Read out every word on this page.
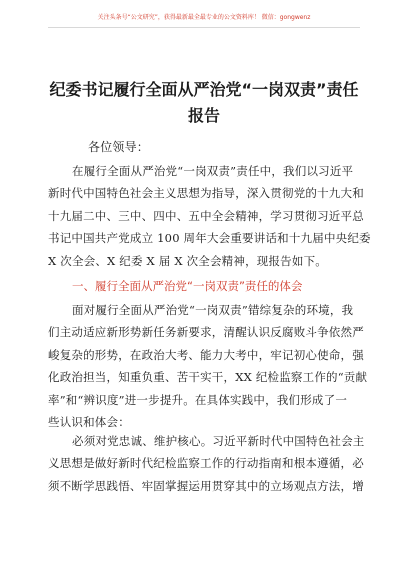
关注头条号“公文研究”，获得最新最全最专业的公文资料库！ 微信：gongwenz
纪委书记履行全面从严治党“一岗双责”责任
报告
各位领导：
在履行全面从严治党“一岗双责”责任中，我们以习近平
新时代中国特色社会主义思想为指导，深入贯彻党的十九大和
十九届二中、三中、四中、五中全会精神，学习贯彻习近平总
书记中国共产党成立 100 周年大会重要讲话和十九届中央纪委
X 次全会、X 纪委 X 届 X 次全会精神，现报告如下。
一、履行全面从严治党“一岗双责”责任的体会
面对履行全面从严治党“一岗双责”错综复杂的环境，我
们主动适应新形势新任务新要求，清醒认识反腐败斗争依然严
峻复杂的形势，在政治大考、能力大考中，牢记初心使命，强
化政治担当，知重负重、苦干实干，XX 纪检监察工作的“贡献
率”和“辨识度”进一步提升。在具体实践中，我们形成了一
些认识和体会：
必须对党忠诚、维护核心。习近平新时代中国特色社会主
义思想是做好新时代纪检监察工作的行动指南和根本遵循，必
须不断学思践悟、牢固掌握运用贯穿其中的立场观点方法，增
